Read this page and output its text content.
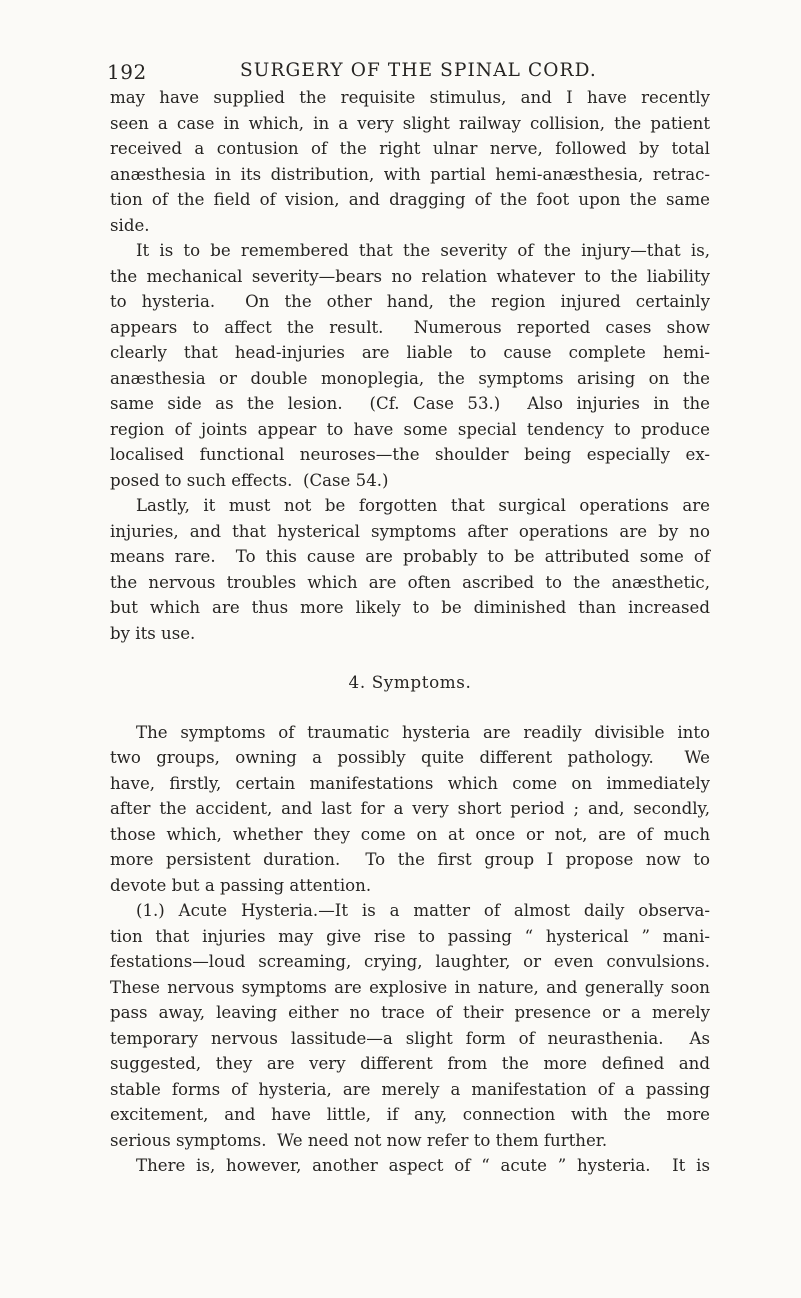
192	SURGERY OF THE SPINAL CORD.
may have supplied the requisite stimulus, and I have recently
seen a case in which, in a very slight railway collision, the patient
received a contusion of the right ulnar nerve, followed by total
anæsthesia in its distribution, with partial hemi-anæsthesia, retrac-
tion of the field of vision, and dragging of the foot upon the same
side.
It is to be remembered that the severity of the injury—that is,
the mechanical severity—bears no relation whatever to the liability
to hysteria.  On the other hand, the region injured certainly
appears to affect the result.  Numerous reported cases show
clearly that head-injuries are liable to cause complete hemi-
anæsthesia or double monoplegia, the symptoms arising on the
same side as the lesion.  (Cf. Case 53.)  Also injuries in the
region of joints appear to have some special tendency to produce
localised functional neuroses—the shoulder being especially ex-
posed to such effects.  (Case 54.)
Lastly, it must not be forgotten that surgical operations are
injuries, and that hysterical symptoms after operations are by no
means rare.  To this cause are probably to be attributed some of
the nervous troubles which are often ascribed to the anæsthetic,
but which are thus more likely to be diminished than increased
by its use.
4. Symptoms.
The symptoms of traumatic hysteria are readily divisible into
two groups, owning a possibly quite different pathology.  We
have, firstly, certain manifestations which come on immediately
after the accident, and last for a very short period ; and, secondly,
those which, whether they come on at once or not, are of much
more persistent duration.  To the first group I propose now to
devote but a passing attention.
(1.) Acute Hysteria.—It is a matter of almost daily observa-
tion that injuries may give rise to passing “ hysterical ” mani-
festations—loud screaming, crying, laughter, or even convulsions.
These nervous symptoms are explosive in nature, and generally soon
pass away, leaving either no trace of their presence or a merely
temporary nervous lassitude—a slight form of neurasthenia.  As
suggested, they are very different from the more defined and
stable forms of hysteria, are merely a manifestation of a passing
excitement, and have little, if any, connection with the more
serious symptoms.  We need not now refer to them further.
There is, however, another aspect of “ acute ” hysteria.  It is
